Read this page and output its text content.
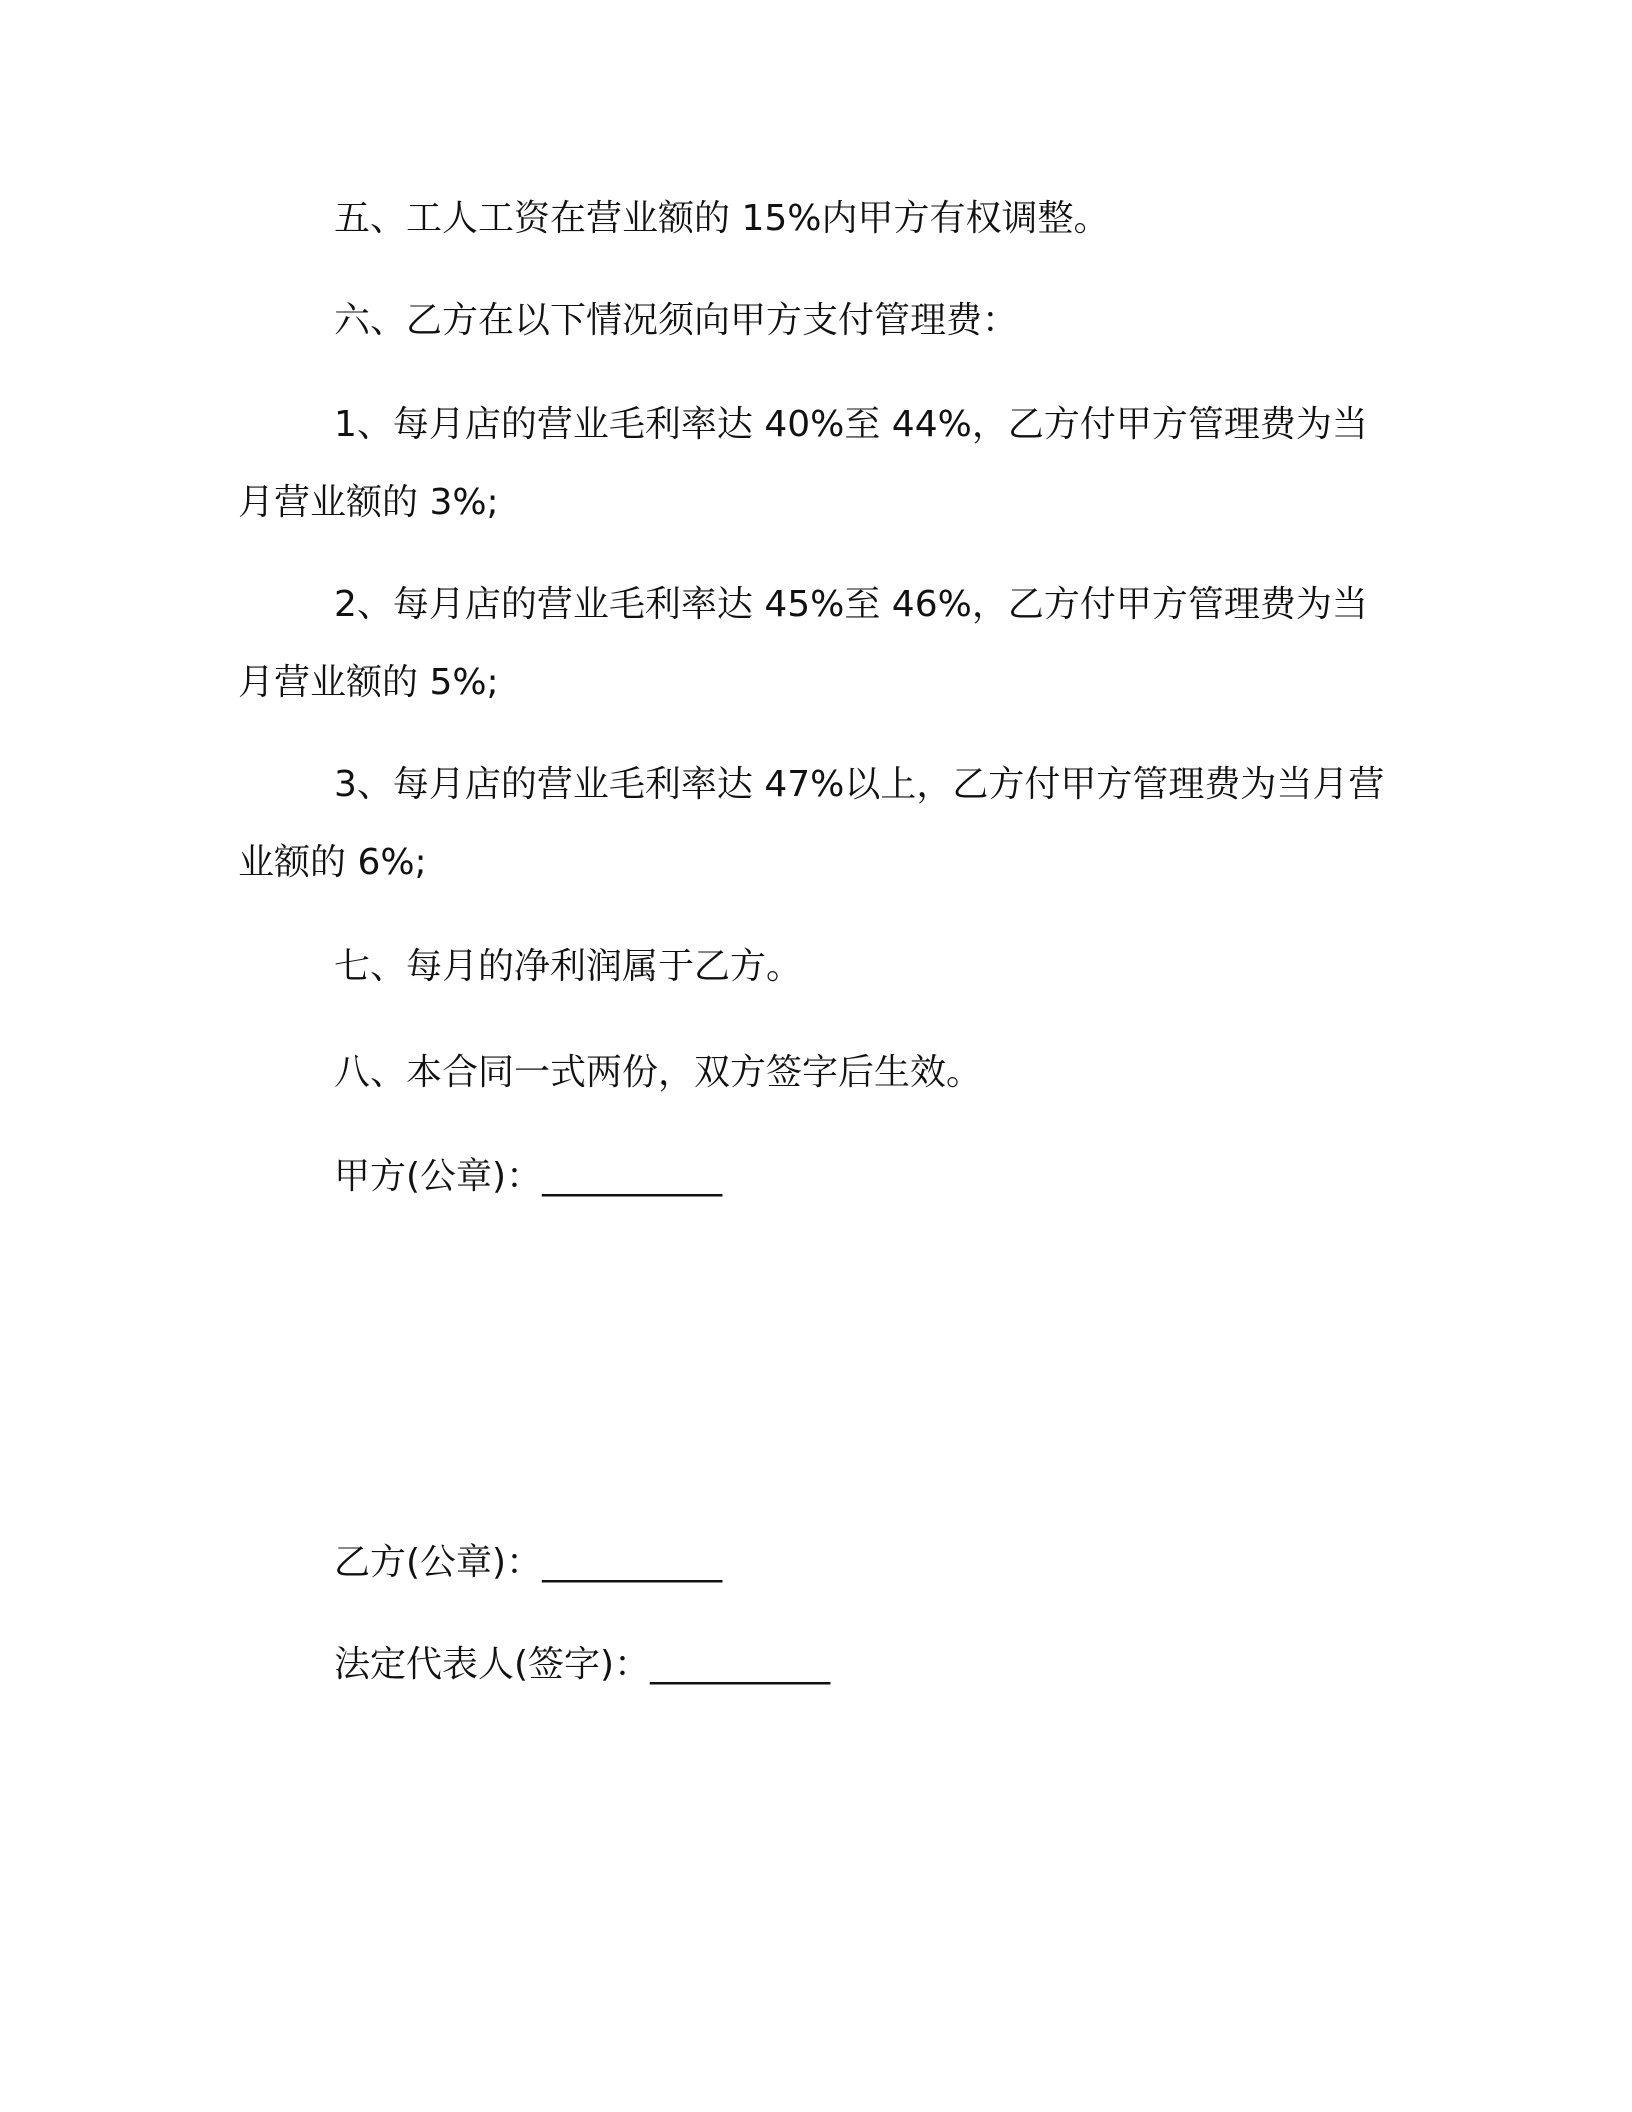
五、工人工资在营业额的 15%内甲方有权调整。

六、乙方在以下情况须向甲方支付管理费：

1、每月店的营业毛利率达 40%至 44%，乙方付甲方管理费为当月营业额的 3%;

2、每月店的营业毛利率达 45%至 46%，乙方付甲方管理费为当月营业额的 5%;

3、每月店的营业毛利率达 47%以上，乙方付甲方管理费为当月营业额的 6%;

七、每月的净利润属于乙方。

八、本合同一式两份，双方签字后生效。

甲方(公章)：__________

乙方(公章)：__________

法定代表人(签字)：__________
